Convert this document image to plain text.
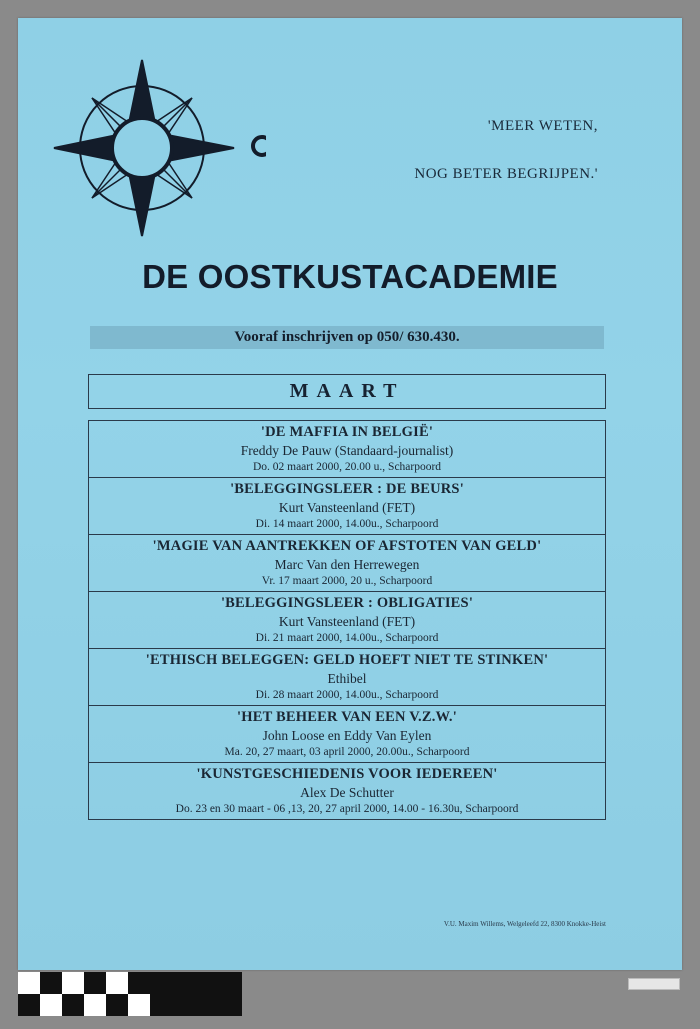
'MEER WETEN,
NOG BETER BEGRIJPEN.'
DE OOSTKUSTACADEMIE
Vooraf inschrijven op 050/ 630.430.
MAART
'DE MAFFIA IN BELGIË'
Freddy De Pauw (Standaard-journalist)
Do. 02 maart 2000, 20.00 u., Scharpoord
'BELEGGINGSLEER : DE BEURS'
Kurt Vansteenland (FET)
Di. 14 maart 2000, 14.00u., Scharpoord
'MAGIE VAN AANTREKKEN OF AFSTOTEN VAN GELD'
Marc Van den Herrewegen
Vr. 17 maart 2000, 20 u., Scharpoord
'BELEGGINGSLEER : OBLIGATIES'
Kurt Vansteenland (FET)
Di. 21 maart 2000, 14.00u., Scharpoord
'ETHISCH BELEGGEN: GELD HOEFT NIET TE STINKEN'
Ethibel
Di. 28 maart 2000, 14.00u., Scharpoord
'HET BEHEER VAN EEN V.Z.W.'
John Loose en Eddy Van Eylen
Ma. 20, 27 maart, 03 april 2000, 20.00u., Scharpoord
'KUNSTGESCHIEDENIS VOOR IEDEREEN'
Alex De Schutter
Do. 23 en 30 maart - 06 ,13, 20, 27 april 2000, 14.00 - 16.30u, Scharpoord
V.U. Maxim Willems, Welgeleefd 22, 8300 Knokke-Heist
